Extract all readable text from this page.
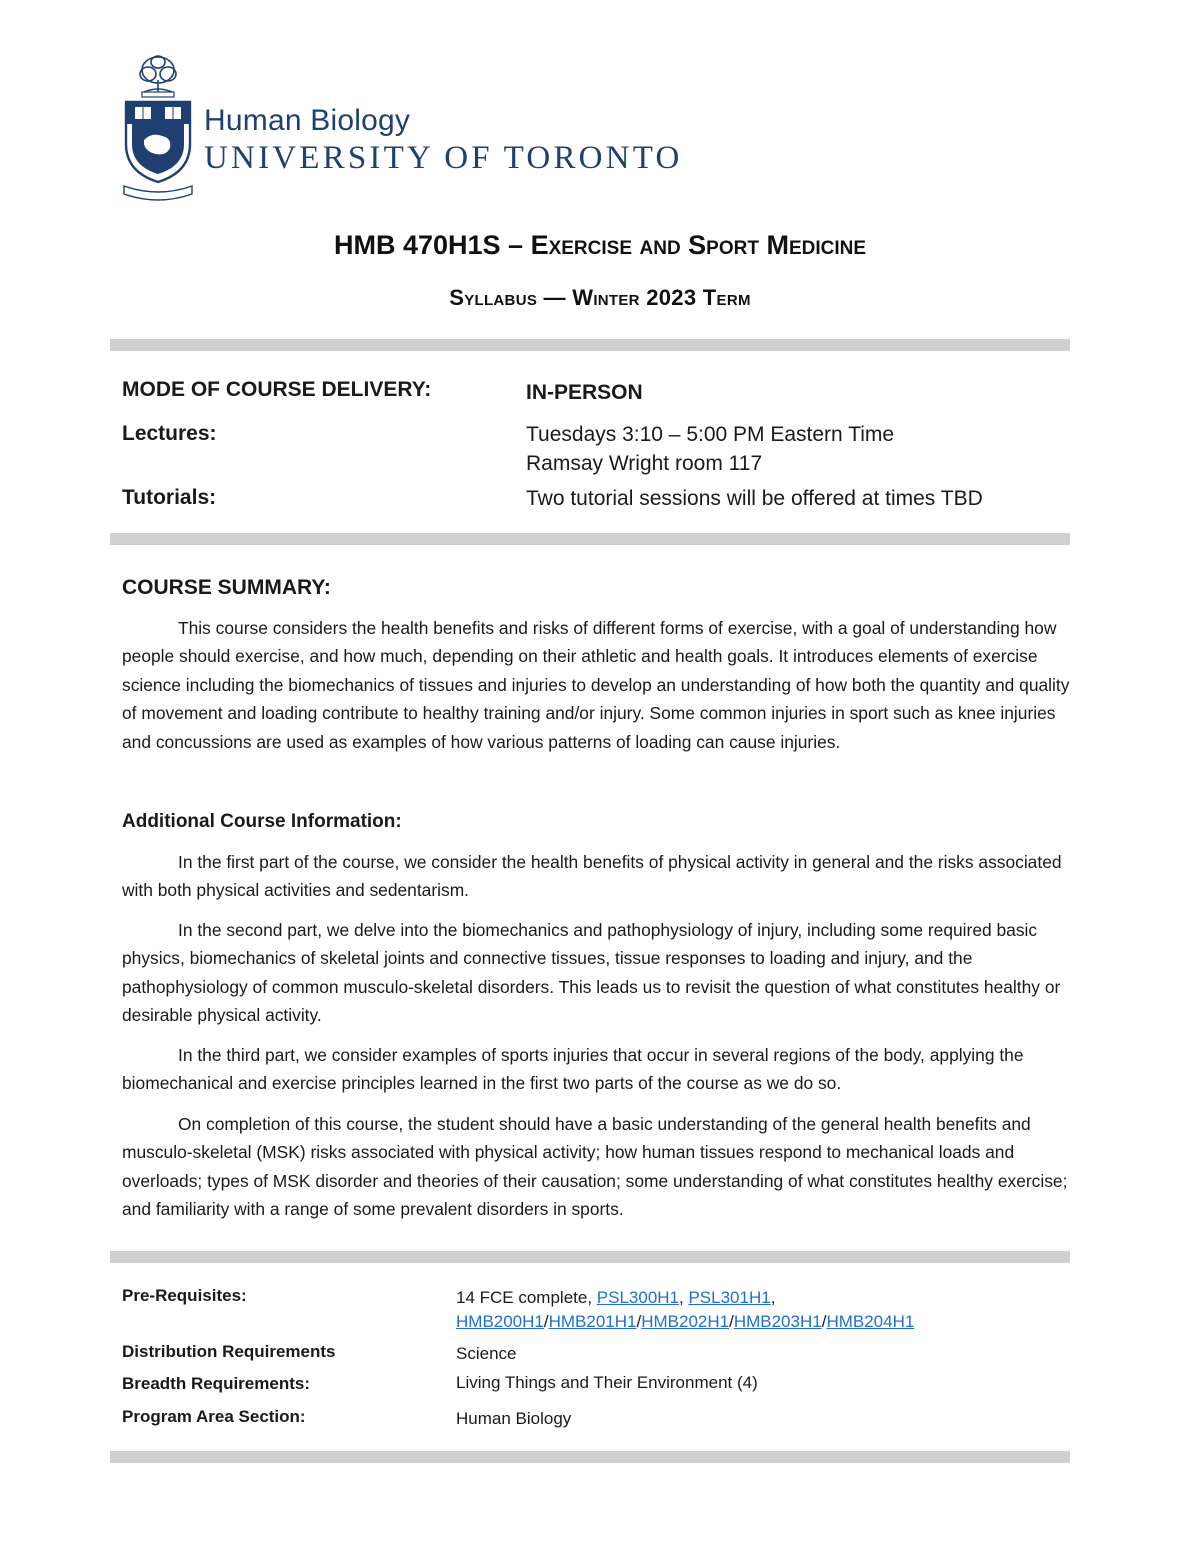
Human Biology
UNIVERSITY OF TORONTO
HMB 470H1S – Exercise and Sport Medicine
Syllabus — Winter 2023 Term
MODE OF COURSE DELIVERY:	IN-PERSON
Lectures:	Tuesdays 3:10 – 5:00 PM Eastern Time
Ramsay Wright room 117
Tutorials:	Two tutorial sessions will be offered at times TBD
COURSE SUMMARY:
This course considers the health benefits and risks of different forms of exercise, with a goal of understanding how people should exercise, and how much, depending on their athletic and health goals. It introduces elements of exercise science including the biomechanics of tissues and injuries to develop an understanding of how both the quantity and quality of movement and loading contribute to healthy training and/or injury. Some common injuries in sport such as knee injuries and concussions are used as examples of how various patterns of loading can cause injuries.
Additional Course Information:
In the first part of the course, we consider the health benefits of physical activity in general and the risks associated with both physical activities and sedentarism.
In the second part, we delve into the biomechanics and pathophysiology of injury, including some required basic physics, biomechanics of skeletal joints and connective tissues, tissue responses to loading and injury, and the pathophysiology of common musculo-skeletal disorders. This leads us to revisit the question of what constitutes healthy or desirable physical activity.
In the third part, we consider examples of sports injuries that occur in several regions of the body, applying the biomechanical and exercise principles learned in the first two parts of the course as we do so.
On completion of this course, the student should have a basic understanding of the general health benefits and musculo-skeletal (MSK) risks associated with physical activity; how human tissues respond to mechanical loads and overloads; types of MSK disorder and theories of their causation; some understanding of what constitutes healthy exercise; and familiarity with a range of some prevalent disorders in sports.
Pre-Requisites:	14 FCE complete, PSL300H1, PSL301H1,
HMB200H1/HMB201H1/HMB202H1/HMB203H1/HMB204H1
Distribution Requirements	Science
Breadth Requirements:	Living Things and Their Environment (4)
Program Area Section:	Human Biology
